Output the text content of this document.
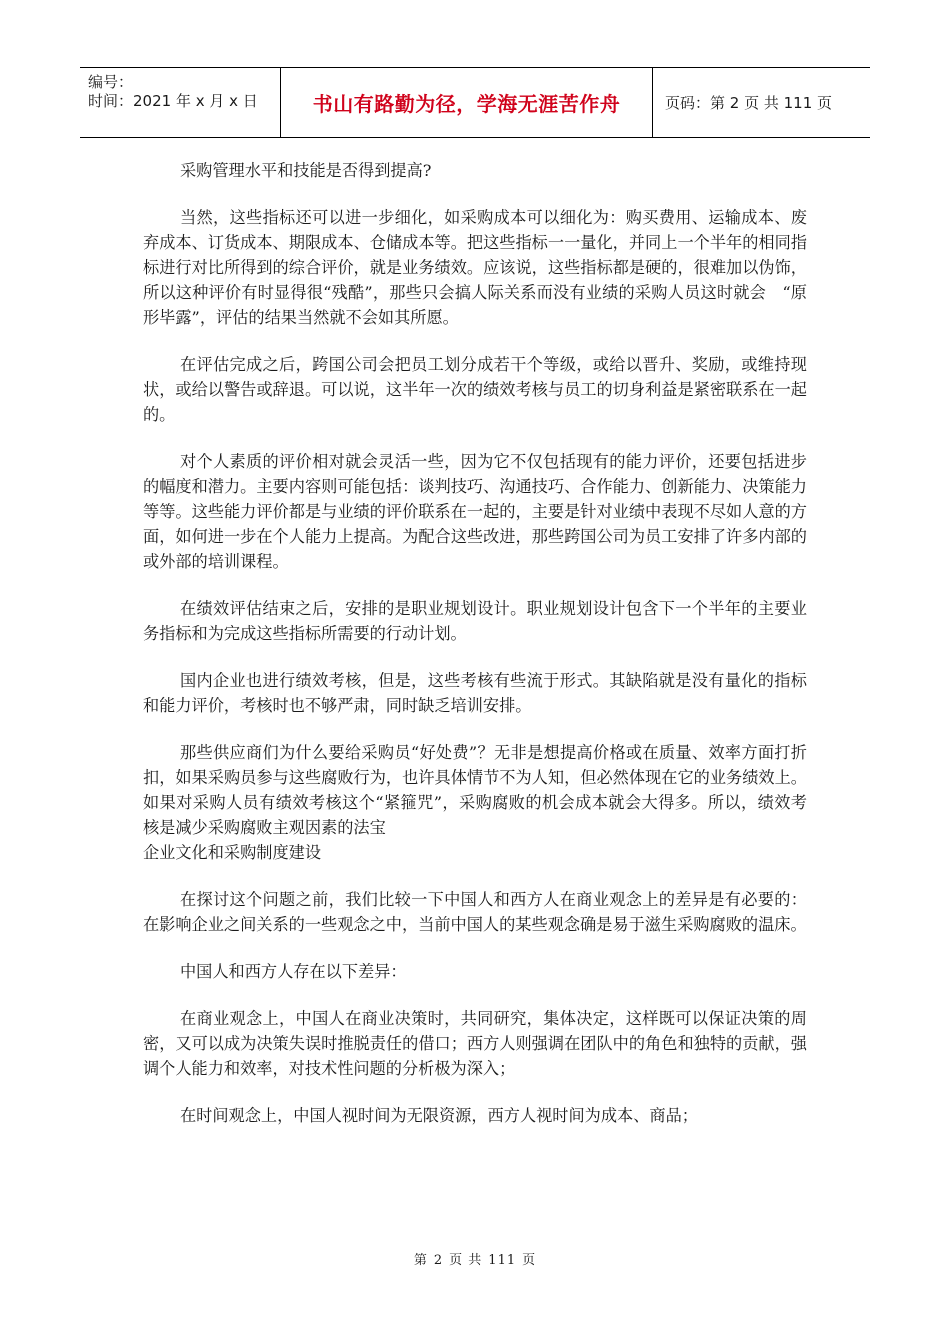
编号：
时间：2021 年 x 月 x 日	书山有路勤为径，学海无涯苦作舟	页码：第 2 页 共 111 页

采购管理水平和技能是否得到提高?

当然，这些指标还可以进一步细化，如采购成本可以细化为：购买费用、运输成本、废弃成本、订货成本、期限成本、仓储成本等。把这些指标一一量化，并同上一个半年的相同指标进行对比所得到的综合评价，就是业务绩效。应该说，这些指标都是硬的，很难加以伪饰，所以这种评价有时显得很“残酷”，那些只会搞人际关系而没有业绩的采购人员这时就会　“原形毕露”，评估的结果当然就不会如其所愿。

在评估完成之后，跨国公司会把员工划分成若干个等级，或给以晋升、奖励，或维持现状，或给以警告或辞退。可以说，这半年一次的绩效考核与员工的切身利益是紧密联系在一起的。

对个人素质的评价相对就会灵活一些，因为它不仅包括现有的能力评价，还要包括进步的幅度和潜力。主要内容则可能包括：谈判技巧、沟通技巧、合作能力、创新能力、决策能力等等。这些能力评价都是与业绩的评价联系在一起的，主要是针对业绩中表现不尽如人意的方面，如何进一步在个人能力上提高。为配合这些改进，那些跨国公司为员工安排了许多内部的或外部的培训课程。

在绩效评估结束之后，安排的是职业规划设计。职业规划设计包含下一个半年的主要业务指标和为完成这些指标所需要的行动计划。

国内企业也进行绩效考核，但是，这些考核有些流于形式。其缺陷就是没有量化的指标和能力评价，考核时也不够严肃，同时缺乏培训安排。

那些供应商们为什么要给采购员“好处费”？无非是想提高价格或在质量、效率方面打折扣，如果采购员参与这些腐败行为，也许具体情节不为人知，但必然体现在它的业务绩效上。如果对采购人员有绩效考核这个“紧箍咒”，采购腐败的机会成本就会大得多。所以，绩效考核是减少采购腐败主观因素的法宝

企业文化和采购制度建设

在探讨这个问题之前，我们比较一下中国人和西方人在商业观念上的差异是有必要的：在影响企业之间关系的一些观念之中，当前中国人的某些观念确是易于滋生采购腐败的温床。

中国人和西方人存在以下差异：

在商业观念上，中国人在商业决策时，共同研究，集体决定，这样既可以保证决策的周密，又可以成为决策失误时推脱责任的借口；西方人则强调在团队中的角色和独特的贡献，强调个人能力和效率，对技术性问题的分析极为深入；

在时间观念上，中国人视时间为无限资源，西方人视时间为成本、商品；

第 2 页 共 111 页
